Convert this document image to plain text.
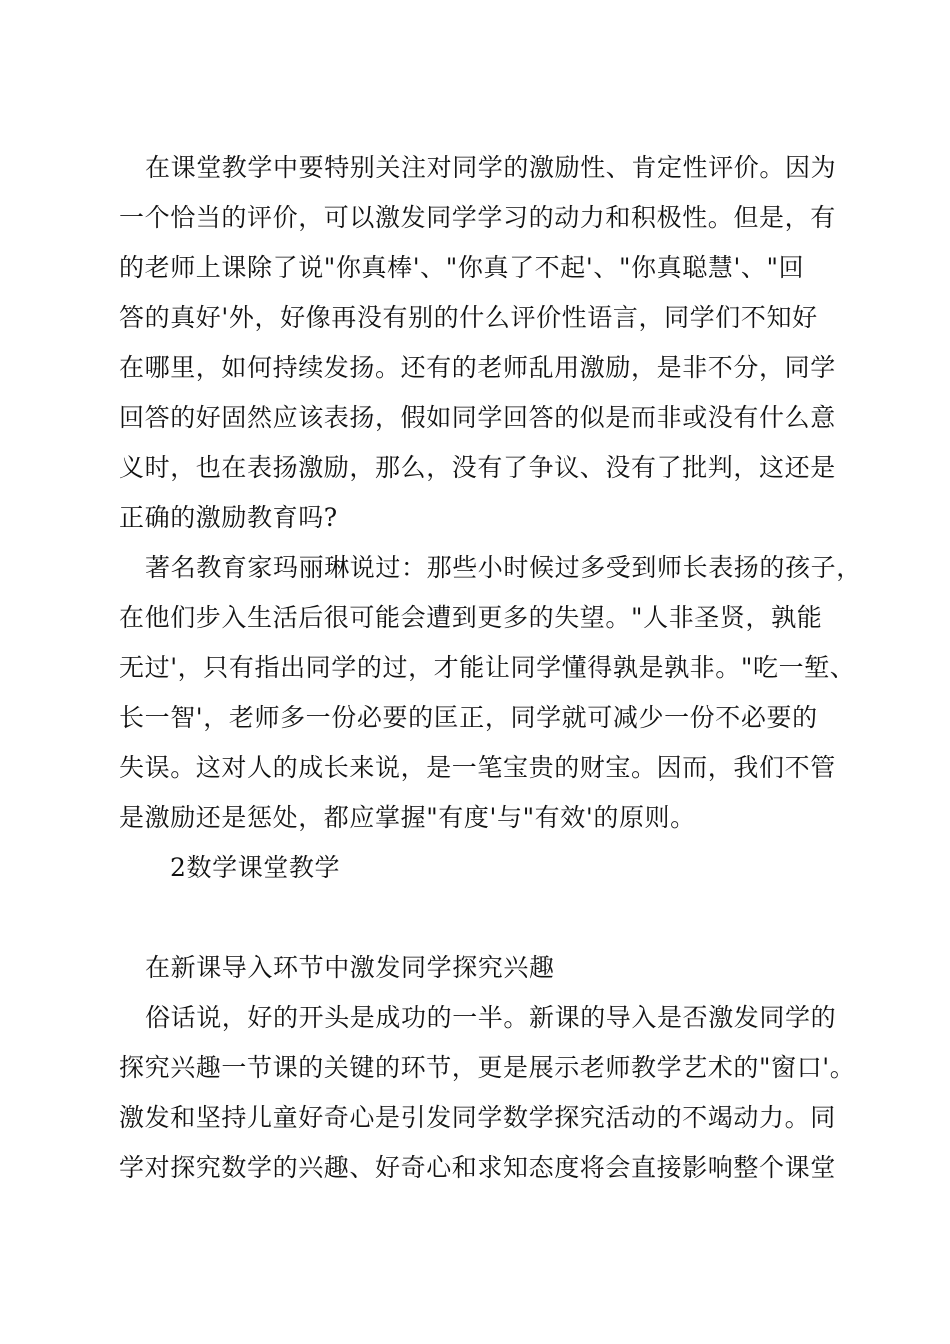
在课堂教学中要特别关注对同学的激励性、肯定性评价。因为
一个恰当的评价，可以激发同学学习的动力和积极性。但是，有
的老师上课除了说"你真棒'、"你真了不起'、"你真聪慧'、"回
答的真好'外，好像再没有别的什么评价性语言，同学们不知好
在哪里，如何持续发扬。还有的老师乱用激励，是非不分，同学
回答的好固然应该表扬，假如同学回答的似是而非或没有什么意
义时，也在表扬激励，那么，没有了争议、没有了批判，这还是
正确的激励教育吗?
著名教育家玛丽琳说过：那些小时候过多受到师长表扬的孩子，
在他们步入生活后很可能会遭到更多的失望。"人非圣贤，孰能
无过'，只有指出同学的过，才能让同学懂得孰是孰非。"吃一堑、
长一智'，老师多一份必要的匡正，同学就可减少一份不必要的
失误。这对人的成长来说，是一笔宝贵的财宝。因而，我们不管
是激励还是惩处，都应掌握"有度'与"有效'的原则。
2数学课堂教学
在新课导入环节中激发同学探究兴趣
俗话说，好的开头是成功的一半。新课的导入是否激发同学的
探究兴趣一节课的关键的环节，更是展示老师教学艺术的"窗口'。
激发和坚持儿童好奇心是引发同学数学探究活动的不竭动力。同
学对探究数学的兴趣、好奇心和求知态度将会直接影响整个课堂
